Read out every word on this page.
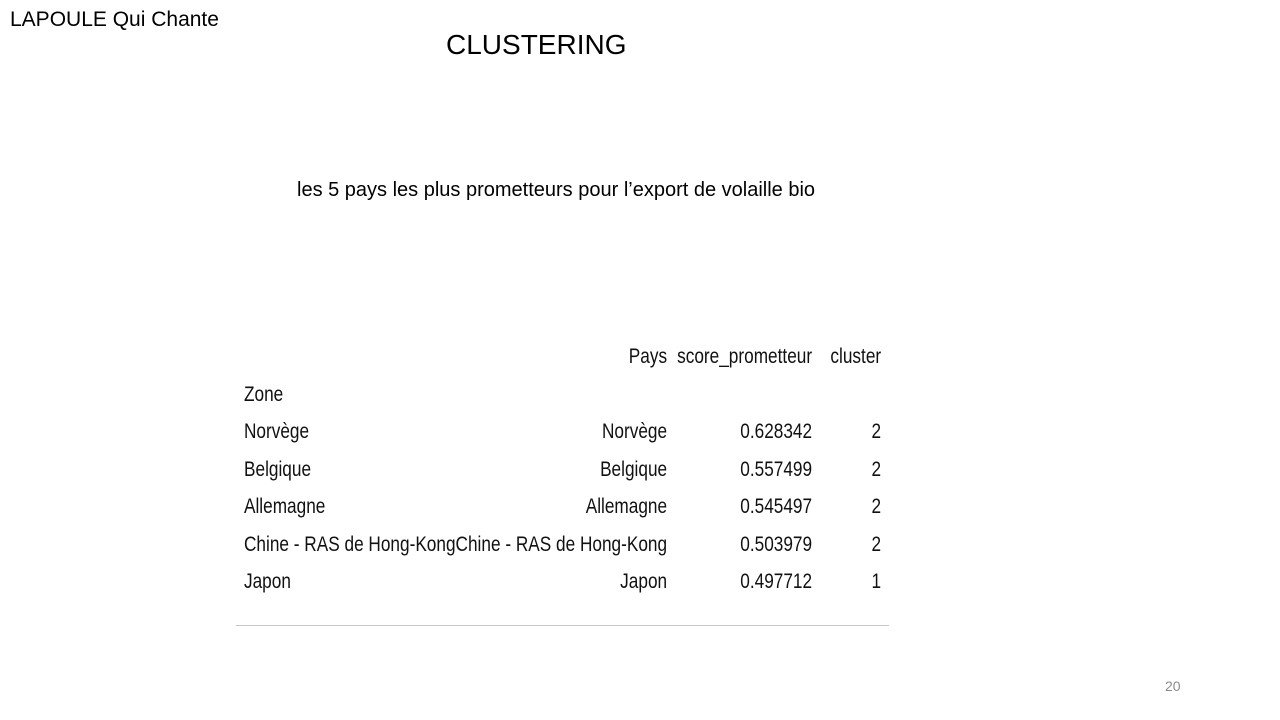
LAPOULE Qui Chante
CLUSTERING
les 5 pays les plus prometteurs pour l’export de volaille bio
	Pays	score_prometteur	cluster
Zone			
Norvège	Norvège	0.628342	2
Belgique	Belgique	0.557499	2
Allemagne	Allemagne	0.545497	2
Chine - RAS de Hong-Kong	Chine - RAS de Hong-Kong	0.503979	2
Japon	Japon	0.497712	1
20
